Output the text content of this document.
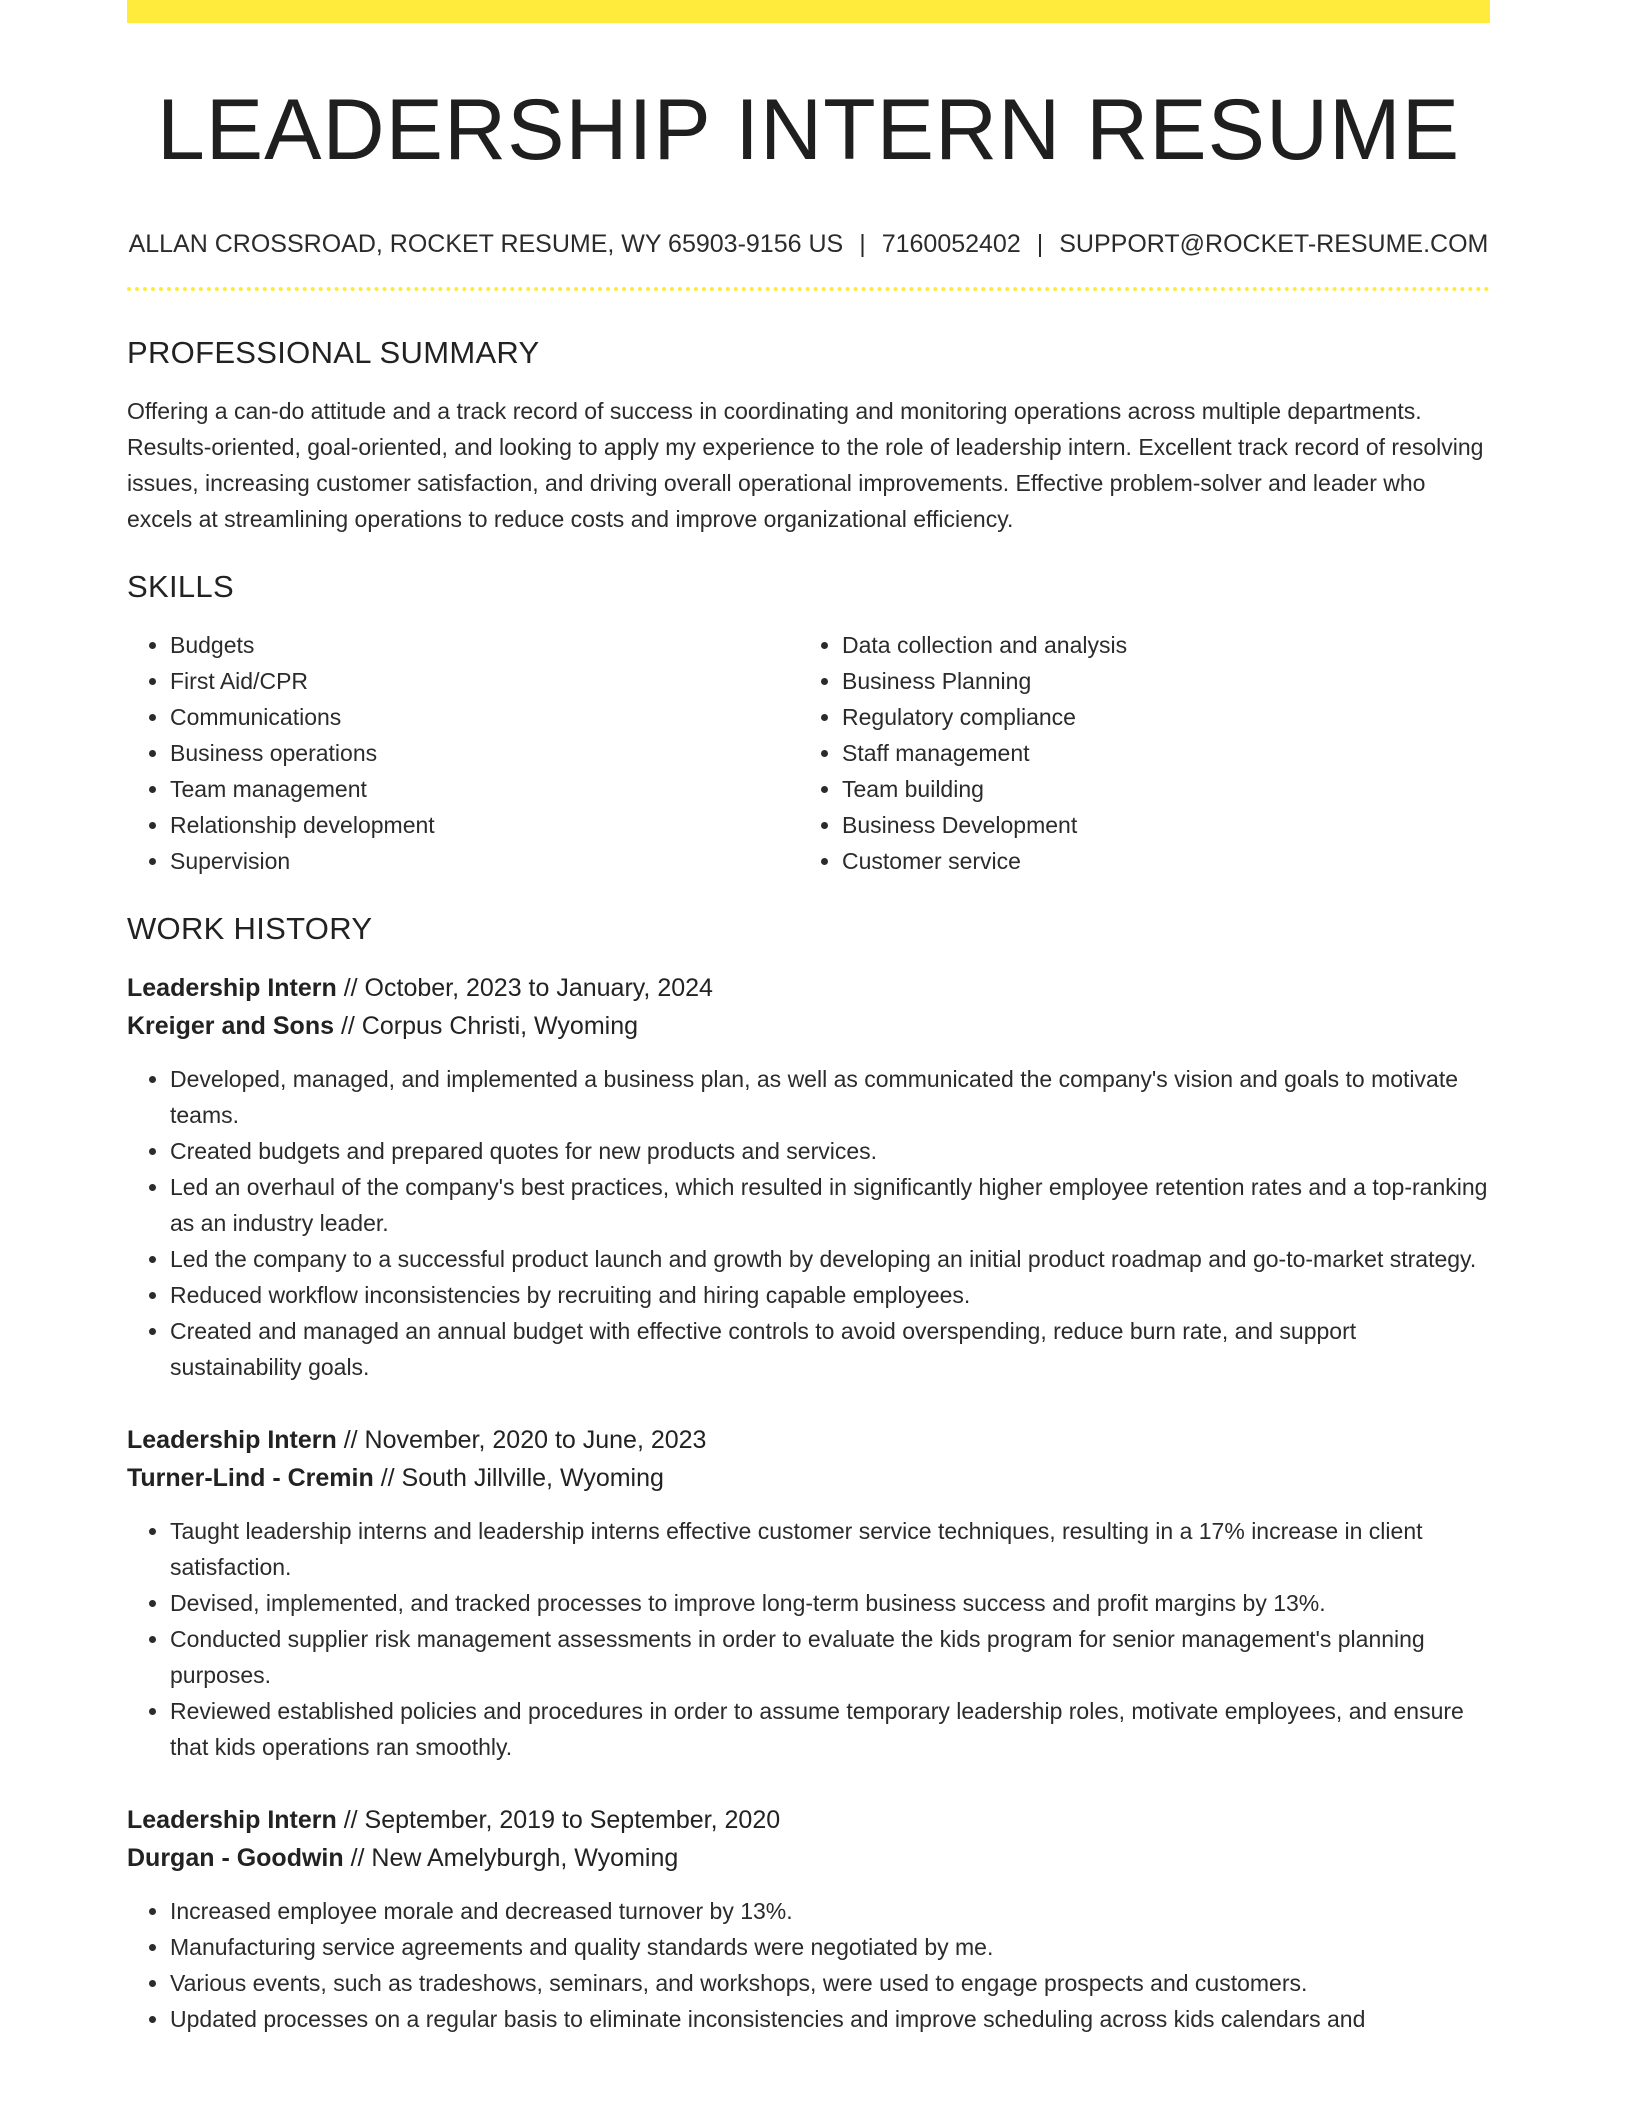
LEADERSHIP INTERN RESUME
ALLAN CROSSROAD, ROCKET RESUME, WY 65903-9156 US | 7160052402 | SUPPORT@ROCKET-RESUME.COM
PROFESSIONAL SUMMARY

Offering a can-do attitude and a track record of success in coordinating and monitoring operations across multiple departments. Results-oriented, goal-oriented, and looking to apply my experience to the role of leadership intern. Excellent track record of resolving issues, increasing customer satisfaction, and driving overall operational improvements. Effective problem-solver and leader who excels at streamlining operations to reduce costs and improve organizational efficiency.

SKILLS
• Budgets
• First Aid/CPR
• Communications
• Business operations
• Team management
• Relationship development
• Supervision
• Data collection and analysis
• Business Planning
• Regulatory compliance
• Staff management
• Team building
• Business Development
• Customer service
WORK HISTORY
Leadership Intern // October, 2023 to January, 2024
Kreiger and Sons // Corpus Christi, Wyoming
• Developed, managed, and implemented a business plan, as well as communicated the company's vision and goals to motivate teams.
• Created budgets and prepared quotes for new products and services.
• Led an overhaul of the company's best practices, which resulted in significantly higher employee retention rates and a top-ranking as an industry leader.
• Led the company to a successful product launch and growth by developing an initial product roadmap and go-to-market strategy.
• Reduced workflow inconsistencies by recruiting and hiring capable employees.
• Created and managed an annual budget with effective controls to avoid overspending, reduce burn rate, and support sustainability goals.
Leadership Intern // November, 2020 to June, 2023
Turner-Lind - Cremin // South Jillville, Wyoming
• Taught leadership interns and leadership interns effective customer service techniques, resulting in a 17% increase in client satisfaction.
• Devised, implemented, and tracked processes to improve long-term business success and profit margins by 13%.
• Conducted supplier risk management assessments in order to evaluate the kids program for senior management's planning purposes.
• Reviewed established policies and procedures in order to assume temporary leadership roles, motivate employees, and ensure that kids operations ran smoothly.
Leadership Intern // September, 2019 to September, 2020
Durgan - Goodwin // New Amelyburgh, Wyoming
• Increased employee morale and decreased turnover by 13%.
• Manufacturing service agreements and quality standards were negotiated by me.
• Various events, such as tradeshows, seminars, and workshops, were used to engage prospects and customers.
• Updated processes on a regular basis to eliminate inconsistencies and improve scheduling across kids calendars and
